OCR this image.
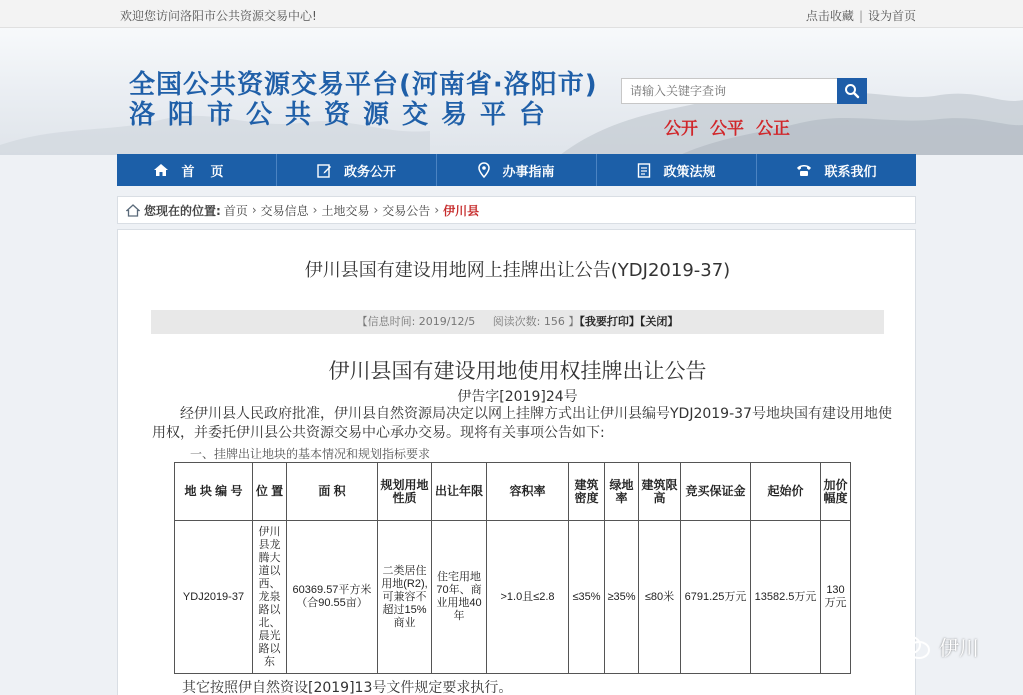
欢迎您访问洛阳市公共资源交易中心!	点击收藏 | 设为首页
全国公共资源交易平台(河南省·洛阳市)
洛阳市公共资源交易平台
请输入关键字查询	公开 公平 公正
首页	政务公开	办事指南	政策法规	联系我们
您现在的位置: 首页 › 交易信息 › 土地交易 › 交易公告 › 伊川县
伊川县国有建设用地网上挂牌出让公告(YDJ2019-37)
【信息时间: 2019/12/5 阅读次数: 156 】【我要打印】【关闭】
伊川县国有建设用地使用权挂牌出让公告
伊告字[2019]24号
经伊川县人民政府批准，伊川县自然资源局决定以网上挂牌方式出让伊川县编号YDJ2019-37号地块国有建设用地使用权，并委托伊川县公共资源交易中心承办交易。现将有关事项公告如下:
一、挂牌出让地块的基本情况和规划指标要求
地 块 编 号	位 置	面 积	规划用地性质	出让年限	容积率	建筑密度	绿地率	建筑限高	竞买保证金	起始价	加价幅度
YDJ2019-37	伊川县龙腾大道以西、龙泉路以北、晨光路以东	60369.57平方米（合90.55亩）	二类居住用地(R2),可兼容不超过15%商业	住宅用地70年、商业用地40年	>1.0且≤2.8	≤35%	≥35%	≤80米	6791.25万元	13582.5万元	130万元
其它按照伊自然资设[2019]13号文件规定要求执行。
伊川
